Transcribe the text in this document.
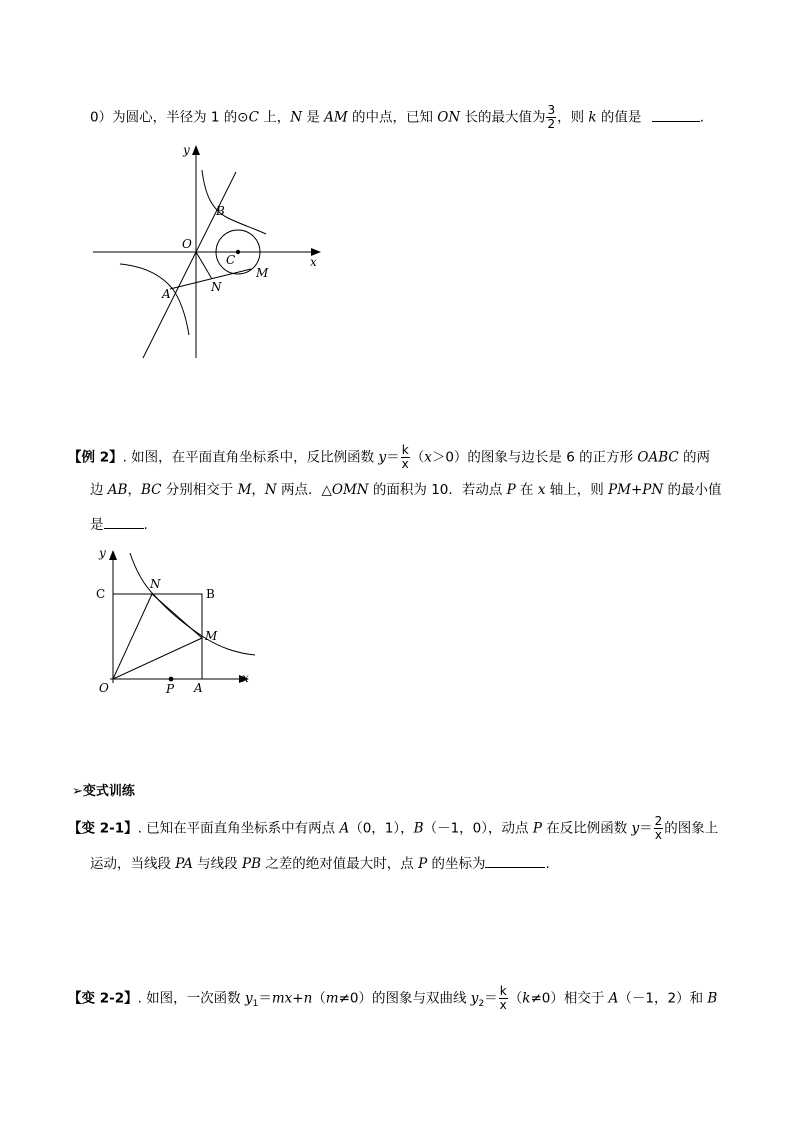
0）为圆心，半径为 1 的⊙C 上，N 是 AM 的中点，已知 ON 长的最大值为 $\frac{3}{2}$ ，则 k 的值是	.
y
x
O
B
C
M
N
A
【例 2】. 如图，在平面直角坐标系中，反比例函数 $y= \frac{k}{x} (x>0)$的图象与边长是 6 的正方形 OABC 的两
边 AB，BC 分别相交于 M，N 两点．△OMN 的面积为 10．若动点 P 在 x 轴上，则 PM+PN 的最小值
是	.
y
x
O
C
N
B
M
P A
➢变式训练
【变 2-1】. 已知在平面直角坐标系中有两点 A（0，1），B（－1，0），动点 P 在反比例函数 $y= \frac{2}{x}$ 的图象上
运动，当线段 PA 与线段 PB 之差的绝对值最大时，点 P 的坐标为	.
【变 2-2】. 如图，一次函数 $y_1=mx+n(m\ne 0)$的图象与双曲线 $y_2= \frac{k}{x} (k\ne 0)$相交于 A（－1，2）和 B
